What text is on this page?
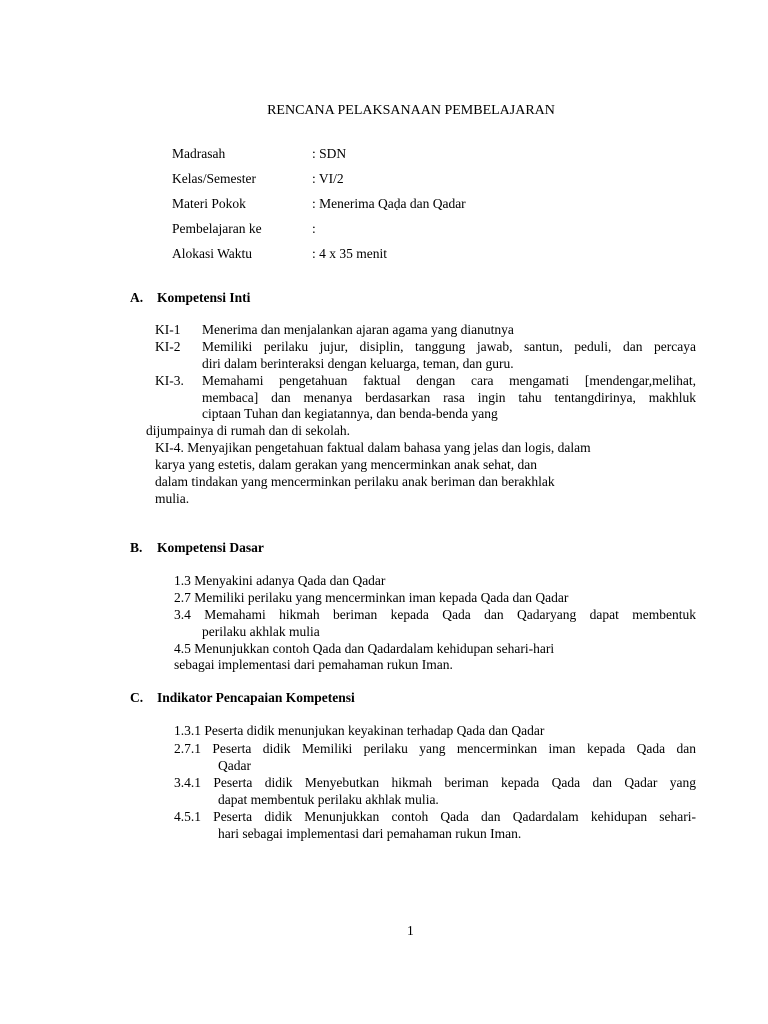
RENCANA PELAKSANAAN PEMBELAJARAN
Madrasah	: SDN
Kelas/Semester	: VI/2
Materi Pokok	: Menerima Qaḍa dan Qadar
Pembelajaran ke	:
Alokasi Waktu	: 4 x 35 menit
A. Kompetensi Inti
KI-1 Menerima dan menjalankan ajaran agama yang dianutnya
KI-2 Memiliki perilaku jujur, disiplin, tanggung jawab, santun, peduli, dan percaya
diri dalam berinteraksi dengan keluarga, teman, dan guru.
KI-3. Memahami pengetahuan faktual dengan cara mengamati [mendengar,melihat,
membaca] dan menanya berdasarkan rasa ingin tahu tentangdirinya, makhluk
ciptaan Tuhan dan kegiatannya, dan benda-benda yang
dijumpainya di rumah dan di sekolah.
KI-4. Menyajikan pengetahuan faktual dalam bahasa yang jelas dan logis, dalam
karya yang estetis, dalam gerakan yang mencerminkan anak sehat, dan
dalam tindakan yang mencerminkan perilaku anak beriman dan berakhlak
mulia.
B. Kompetensi Dasar
1.3 Menyakini adanya Qada dan Qadar
2.7 Memiliki perilaku yang mencerminkan iman kepada Qada dan Qadar
3.4 Memahami hikmah beriman kepada Qada dan Qadaryang dapat membentuk
perilaku akhlak mulia
4.5 Menunjukkan contoh Qada dan Qadardalam kehidupan sehari-hari
sebagai implementasi dari pemahaman rukun Iman.
C. Indikator Pencapaian Kompetensi
1.3.1 Peserta didik menunjukan keyakinan terhadap Qada dan Qadar
2.7.1 Peserta didik Memiliki perilaku yang mencerminkan iman kepada Qada dan
Qadar
3.4.1 Peserta didik Menyebutkan hikmah beriman kepada Qada dan Qadar yang
dapat membentuk perilaku akhlak mulia.
4.5.1 Peserta didik Menunjukkan contoh Qada dan Qadardalam kehidupan sehari-
hari sebagai implementasi dari pemahaman rukun Iman.
1
